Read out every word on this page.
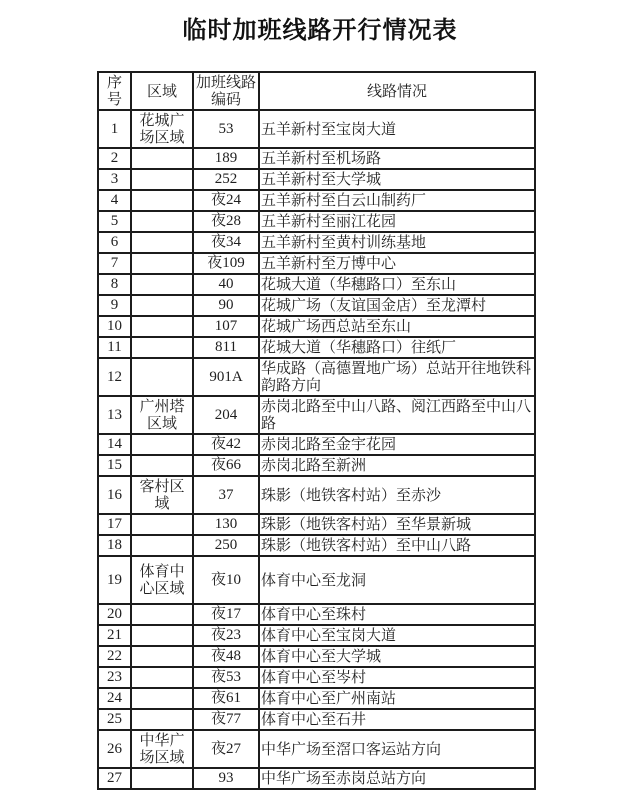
临时加班线路开行情况表
序号	区域	加班线路编码	线路情况
1	花城广场区域	53	五羊新村至宝岗大道
2		189	五羊新村至机场路
3		252	五羊新村至大学城
4		夜24	五羊新村至白云山制药厂
5		夜28	五羊新村至丽江花园
6		夜34	五羊新村至黄村训练基地
7		夜109	五羊新村至万博中心
8		40	花城大道（华穗路口）至东山
9		90	花城广场（友谊国金店）至龙潭村
10		107	花城广场西总站至东山
11		811	花城大道（华穗路口）往纸厂
12		901A	华成路（高德置地广场）总站开往地铁科韵路方向
13	广州塔区域	204	赤岗北路至中山八路、阅江西路至中山八路
14		夜42	赤岗北路至金宇花园
15		夜66	赤岗北路至新洲
16	客村区域	37	珠影（地铁客村站）至赤沙
17		130	珠影（地铁客村站）至华景新城
18		250	珠影（地铁客村站）至中山八路
19	体育中心区域	夜10	体育中心至龙洞
20		夜17	体育中心至珠村
21		夜23	体育中心至宝岗大道
22		夜48	体育中心至大学城
23		夜53	体育中心至岑村
24		夜61	体育中心至广州南站
25		夜77	体育中心至石井
26	中华广场区域	夜27	中华广场至滘口客运站方向
27		93	中华广场至赤岗总站方向
